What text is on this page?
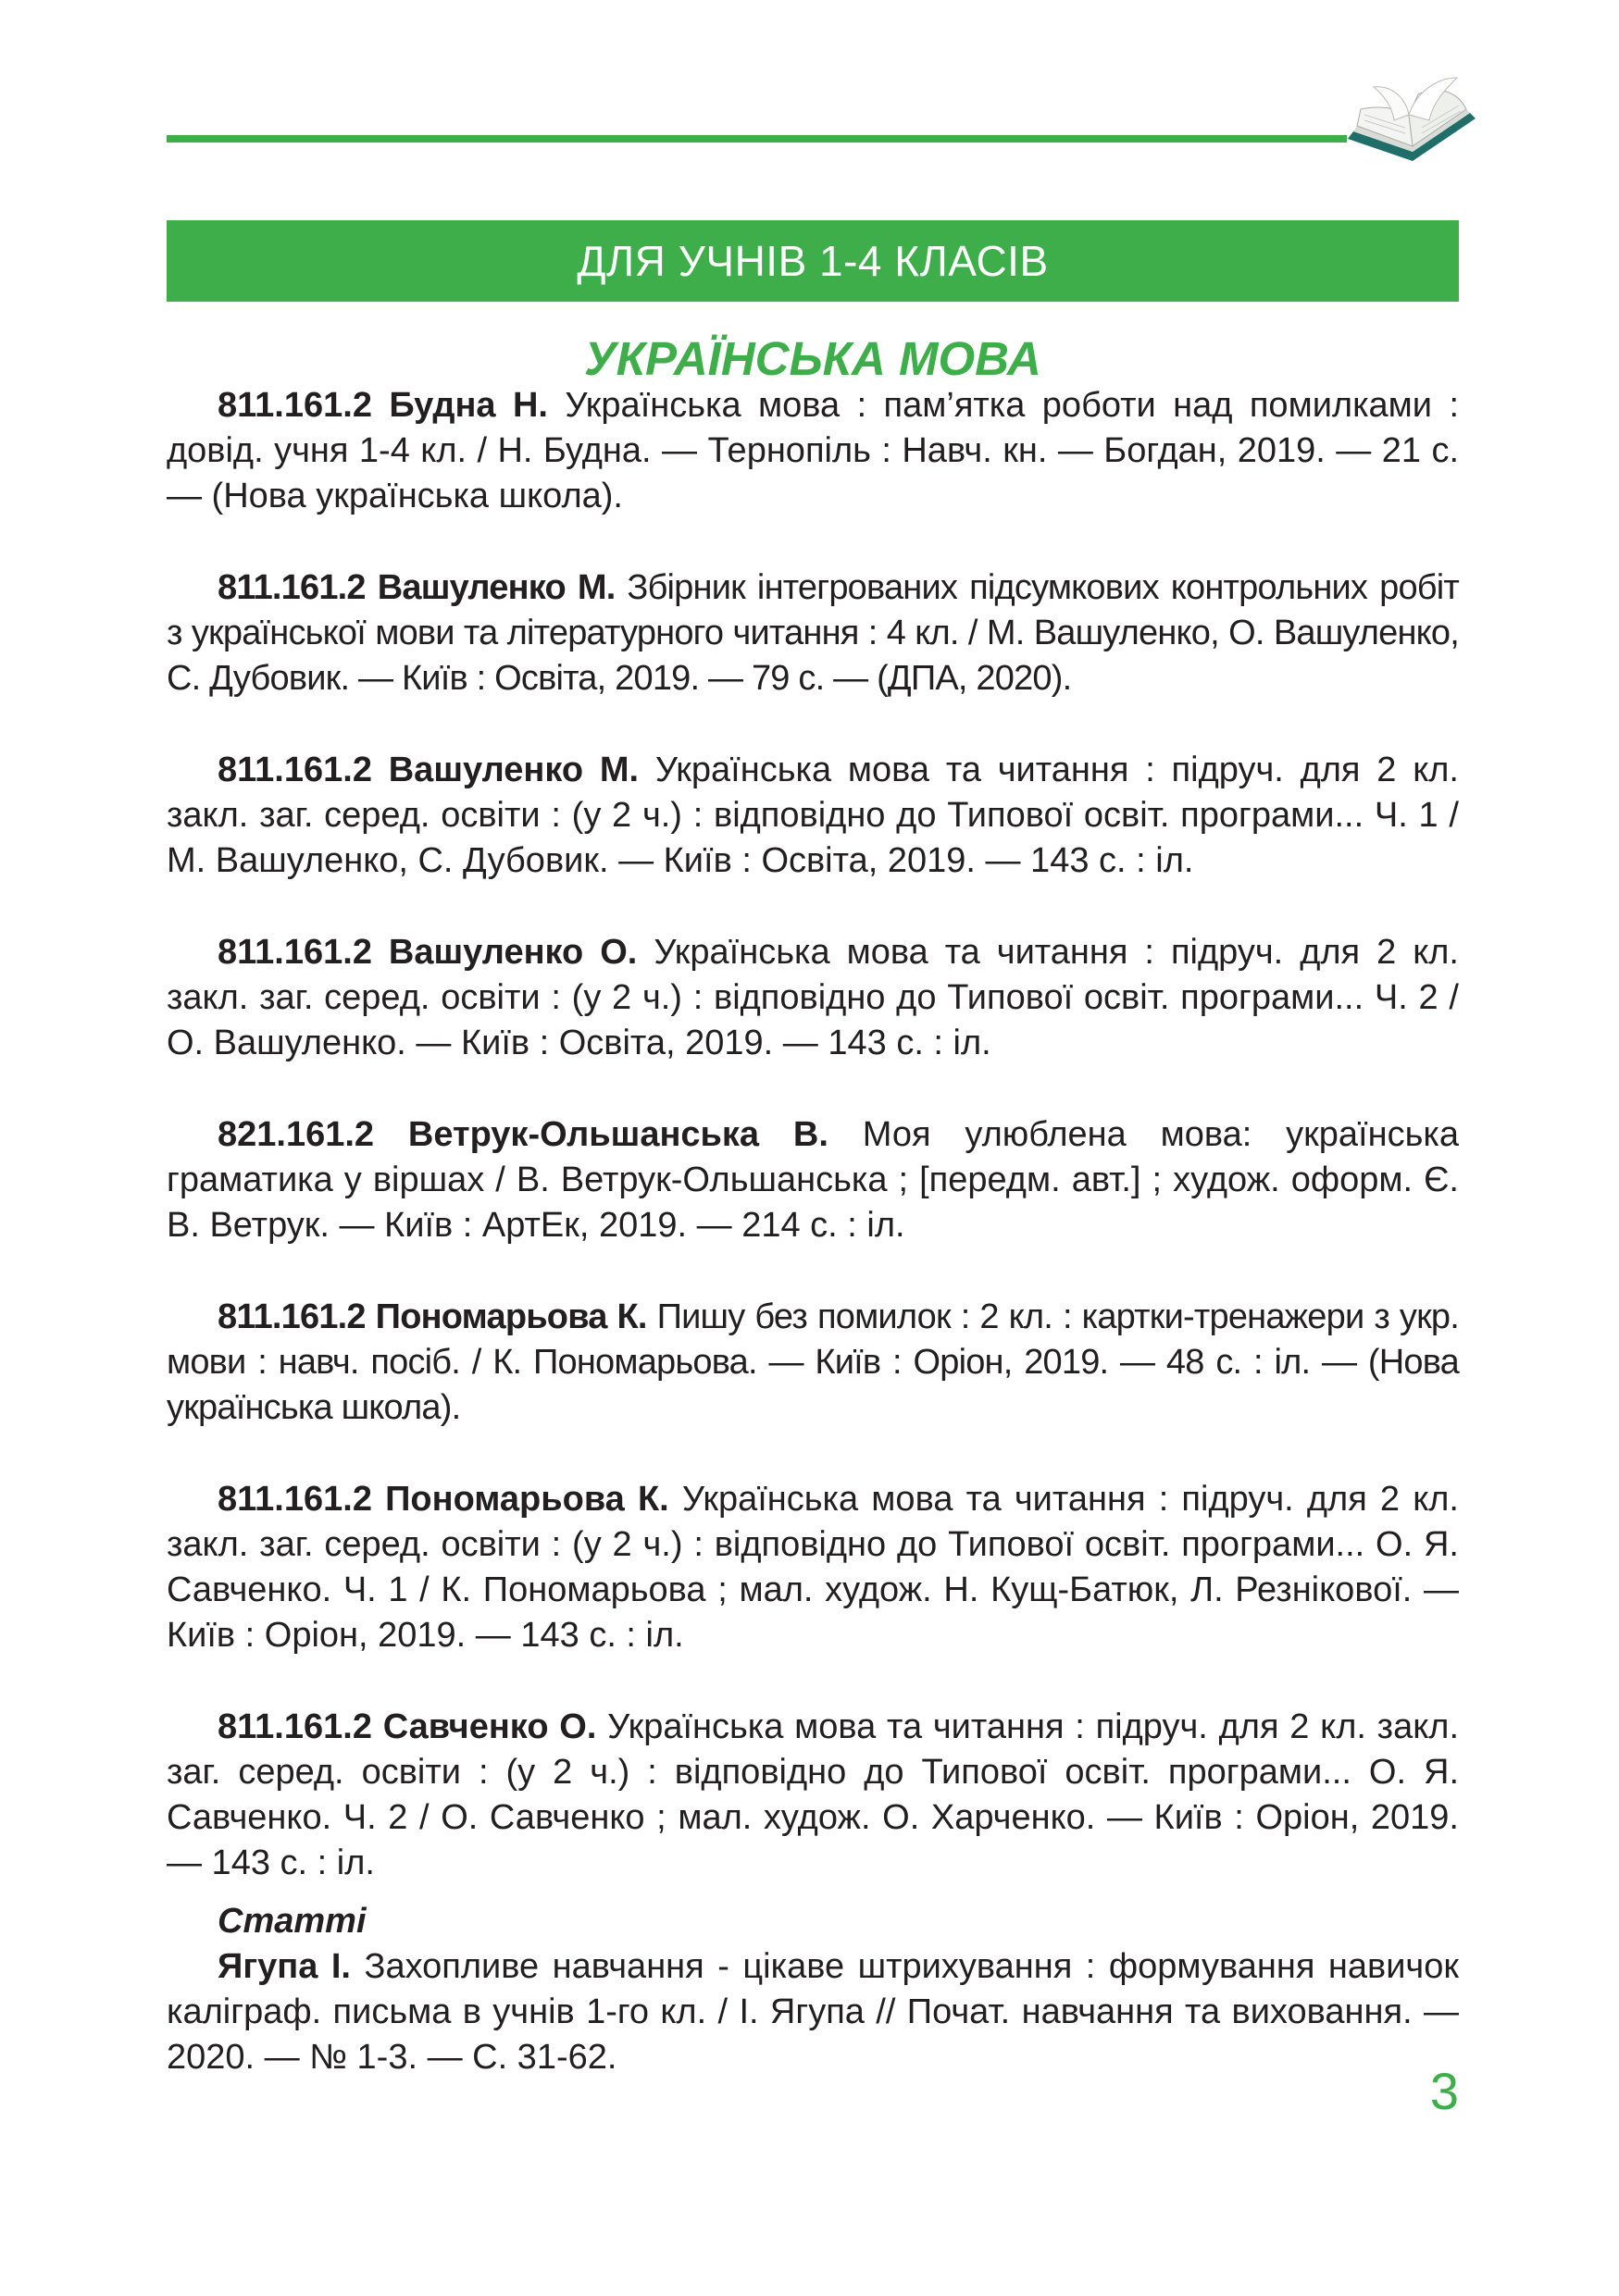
ДЛЯ УЧНІВ 1-4 КЛАСІВ
УКРАЇНСЬКА МОВА

811.161.2 Будна Н. Українська мова : пам’ятка роботи над помилками : довід. учня 1-4 кл. / Н. Будна. — Тернопіль : Навч. кн. — Богдан, 2019. — 21 с. — (Нова українська школа).

811.161.2 Вашуленко М. Збірник інтегрованих підсумкових контрольних робіт з української мови та літературного читання : 4 кл. / М. Вашуленко, О. Вашуленко, С. Дубовик. — Київ : Освіта, 2019. — 79 с. — (ДПА, 2020).

811.161.2 Вашуленко М. Українська мова та читання : підруч. для 2 кл. закл. заг. серед. освіти : (у 2 ч.) : відповідно до Типової освіт. програми... Ч. 1 / М. Вашуленко, С. Дубовик. — Київ : Освіта, 2019. — 143 с. : іл.

811.161.2 Вашуленко О. Українська мова та читання : підруч. для 2 кл. закл. заг. серед. освіти : (у 2 ч.) : відповідно до Типової освіт. програми... Ч. 2 / О. Вашуленко. — Київ : Освіта, 2019. — 143 с. : іл.

821.161.2 Ветрук-Ольшанська В. Моя улюблена мова: українська граматика у віршах / В. Ветрук-Ольшанська ; [передм. авт.] ; худож. оформ. Є. В. Ветрук. — Київ : АртЕк, 2019. — 214 с. : іл.

811.161.2 Пономарьова К. Пишу без помилок : 2 кл. : картки-тренажери з укр. мови : навч. посіб. / К. Пономарьова. — Київ : Оріон, 2019. — 48 с. : іл. — (Нова українська школа).

811.161.2 Пономарьова К. Українська мова та читання : підруч. для 2 кл. закл. заг. серед. освіти : (у 2 ч.) : відповідно до Типової освіт. програми... О. Я. Савченко. Ч. 1 / К. Пономарьова ; мал. худож. Н. Кущ-Батюк, Л. Резнікової. — Київ : Оріон, 2019. — 143 с. : іл.

811.161.2 Савченко О. Українська мова та читання : підруч. для 2 кл. закл. заг. серед. освіти : (у 2 ч.) : відповідно до Типової освіт. програми... О. Я. Савченко. Ч. 2 / О. Савченко ; мал. худож. О. Харченко. — Київ : Оріон, 2019. — 143 с. : іл.

Статті

Ягупа І. Захопливе навчання - цікаве штрихування : формування навичок каліграф. письма в учнів 1-го кл. / І. Ягупа // Почат. навчання та виховання. — 2020. — № 1-3. — С. 31-62.

3
